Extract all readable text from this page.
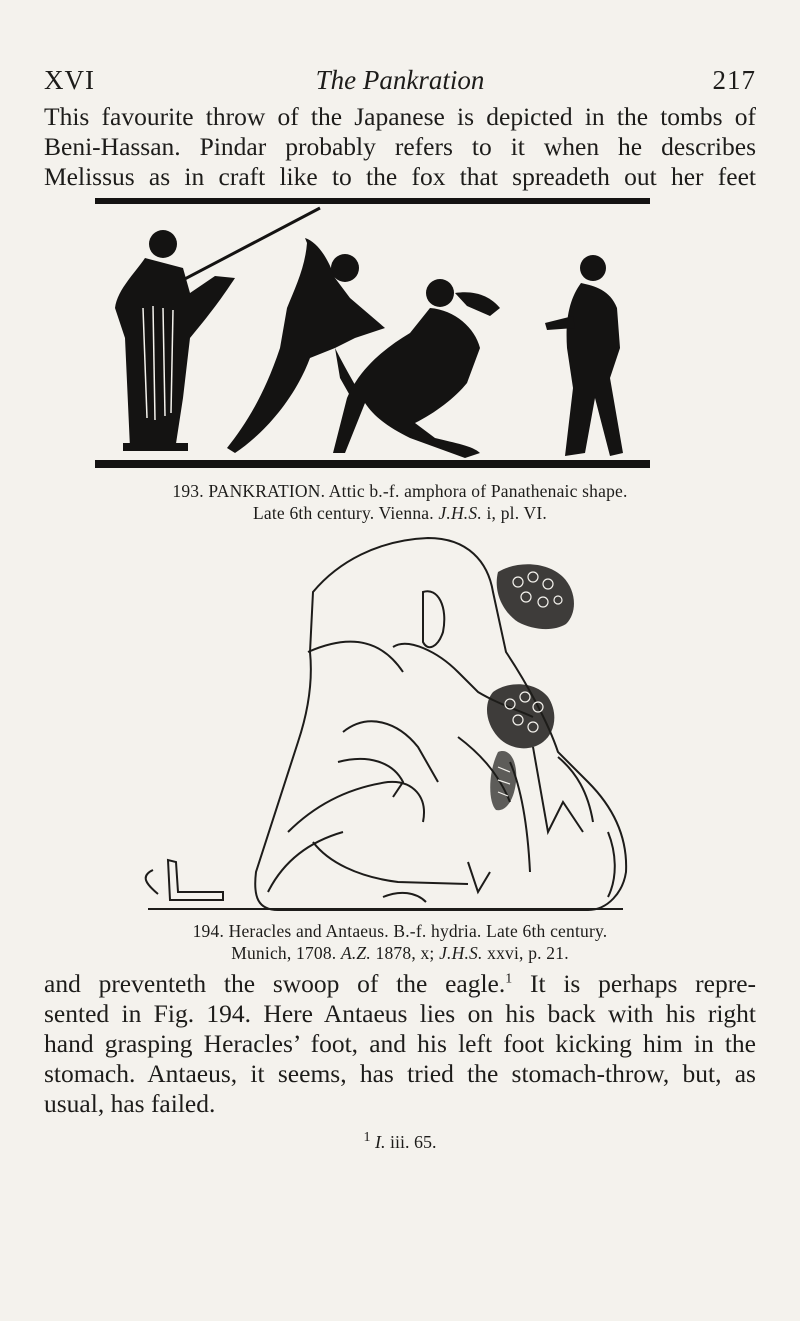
XVI	The Pankration	217

This favourite throw of the Japanese is depicted in the tombs of
Beni-Hassan. Pindar probably refers to it when he describes
Melissus as in craft like to the fox that spreadeth out her feet

193. PANKRATION. Attic b.-f. amphora of Panathenaic shape.
Late 6th century. Vienna. J.H.S. i, pl. VI.
194. Heracles and Antaeus. B.-f. hydria. Late 6th century.
Munich, 1708. A.Z. 1878, x; J.H.S. xxvi, p. 21.

and preventeth the swoop of the eagle.$^1$ It is perhaps repre-
sented in Fig. 194. Here Antaeus lies on his back with his right
hand grasping Heracles’ foot, and his left foot kicking him in the
stomach. Antaeus, it seems, has tried the stomach-throw, but, as
usual, has failed.

$^1$ I. iii. 65.
